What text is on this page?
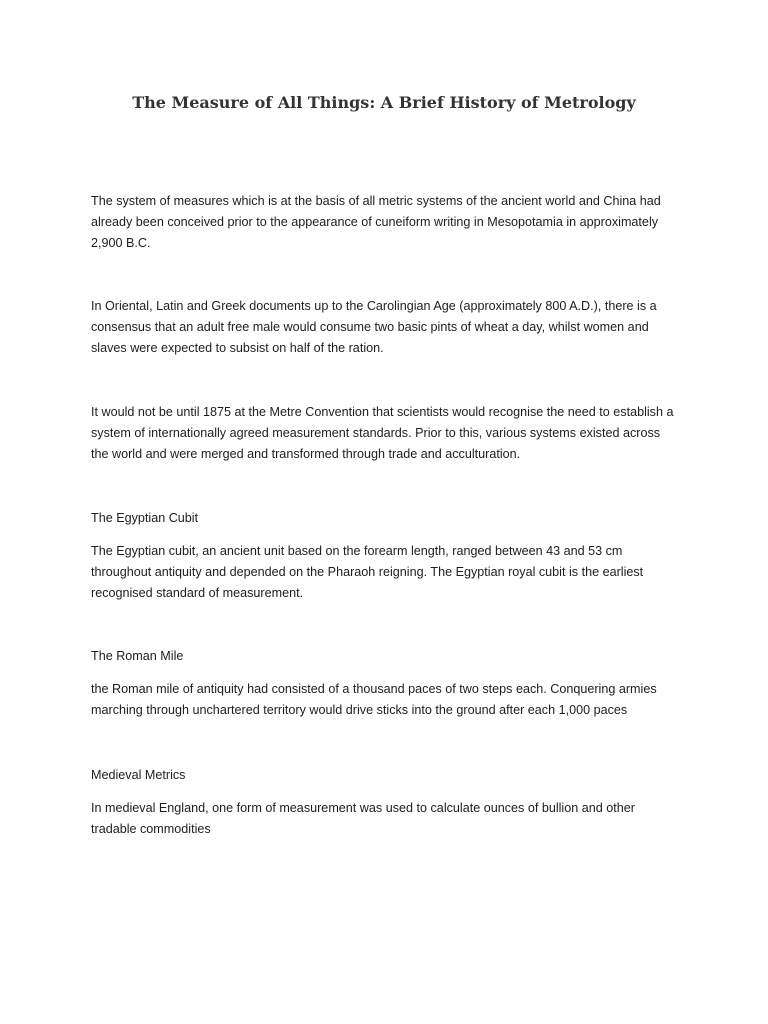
The Measure of All Things: A Brief History of Metrology
The system of measures which is at the basis of all metric systems of the ancient world and China had already been conceived prior to the appearance of cuneiform writing in Mesopotamia in approximately 2,900 B.C.
In Oriental, Latin and Greek documents up to the Carolingian Age (approximately 800 A.D.), there is a consensus that an adult free male would consume two basic pints of wheat a day, whilst women and slaves were expected to subsist on half of the ration.
It would not be until 1875 at the Metre Convention that scientists would recognise the need to establish a system of internationally agreed measurement standards. Prior to this, various systems existed across the world and were merged and transformed through trade and acculturation.
The Egyptian Cubit
The Egyptian cubit, an ancient unit based on the forearm length, ranged between 43 and 53 cm throughout antiquity and depended on the Pharaoh reigning. The Egyptian royal cubit is the earliest recognised standard of measurement.
The Roman Mile
the Roman mile of antiquity had consisted of a thousand paces of two steps each. Conquering armies marching through unchartered territory would drive sticks into the ground after each 1,000 paces
Medieval Metrics
In medieval England, one form of measurement was used to calculate ounces of bullion and other tradable commodities
